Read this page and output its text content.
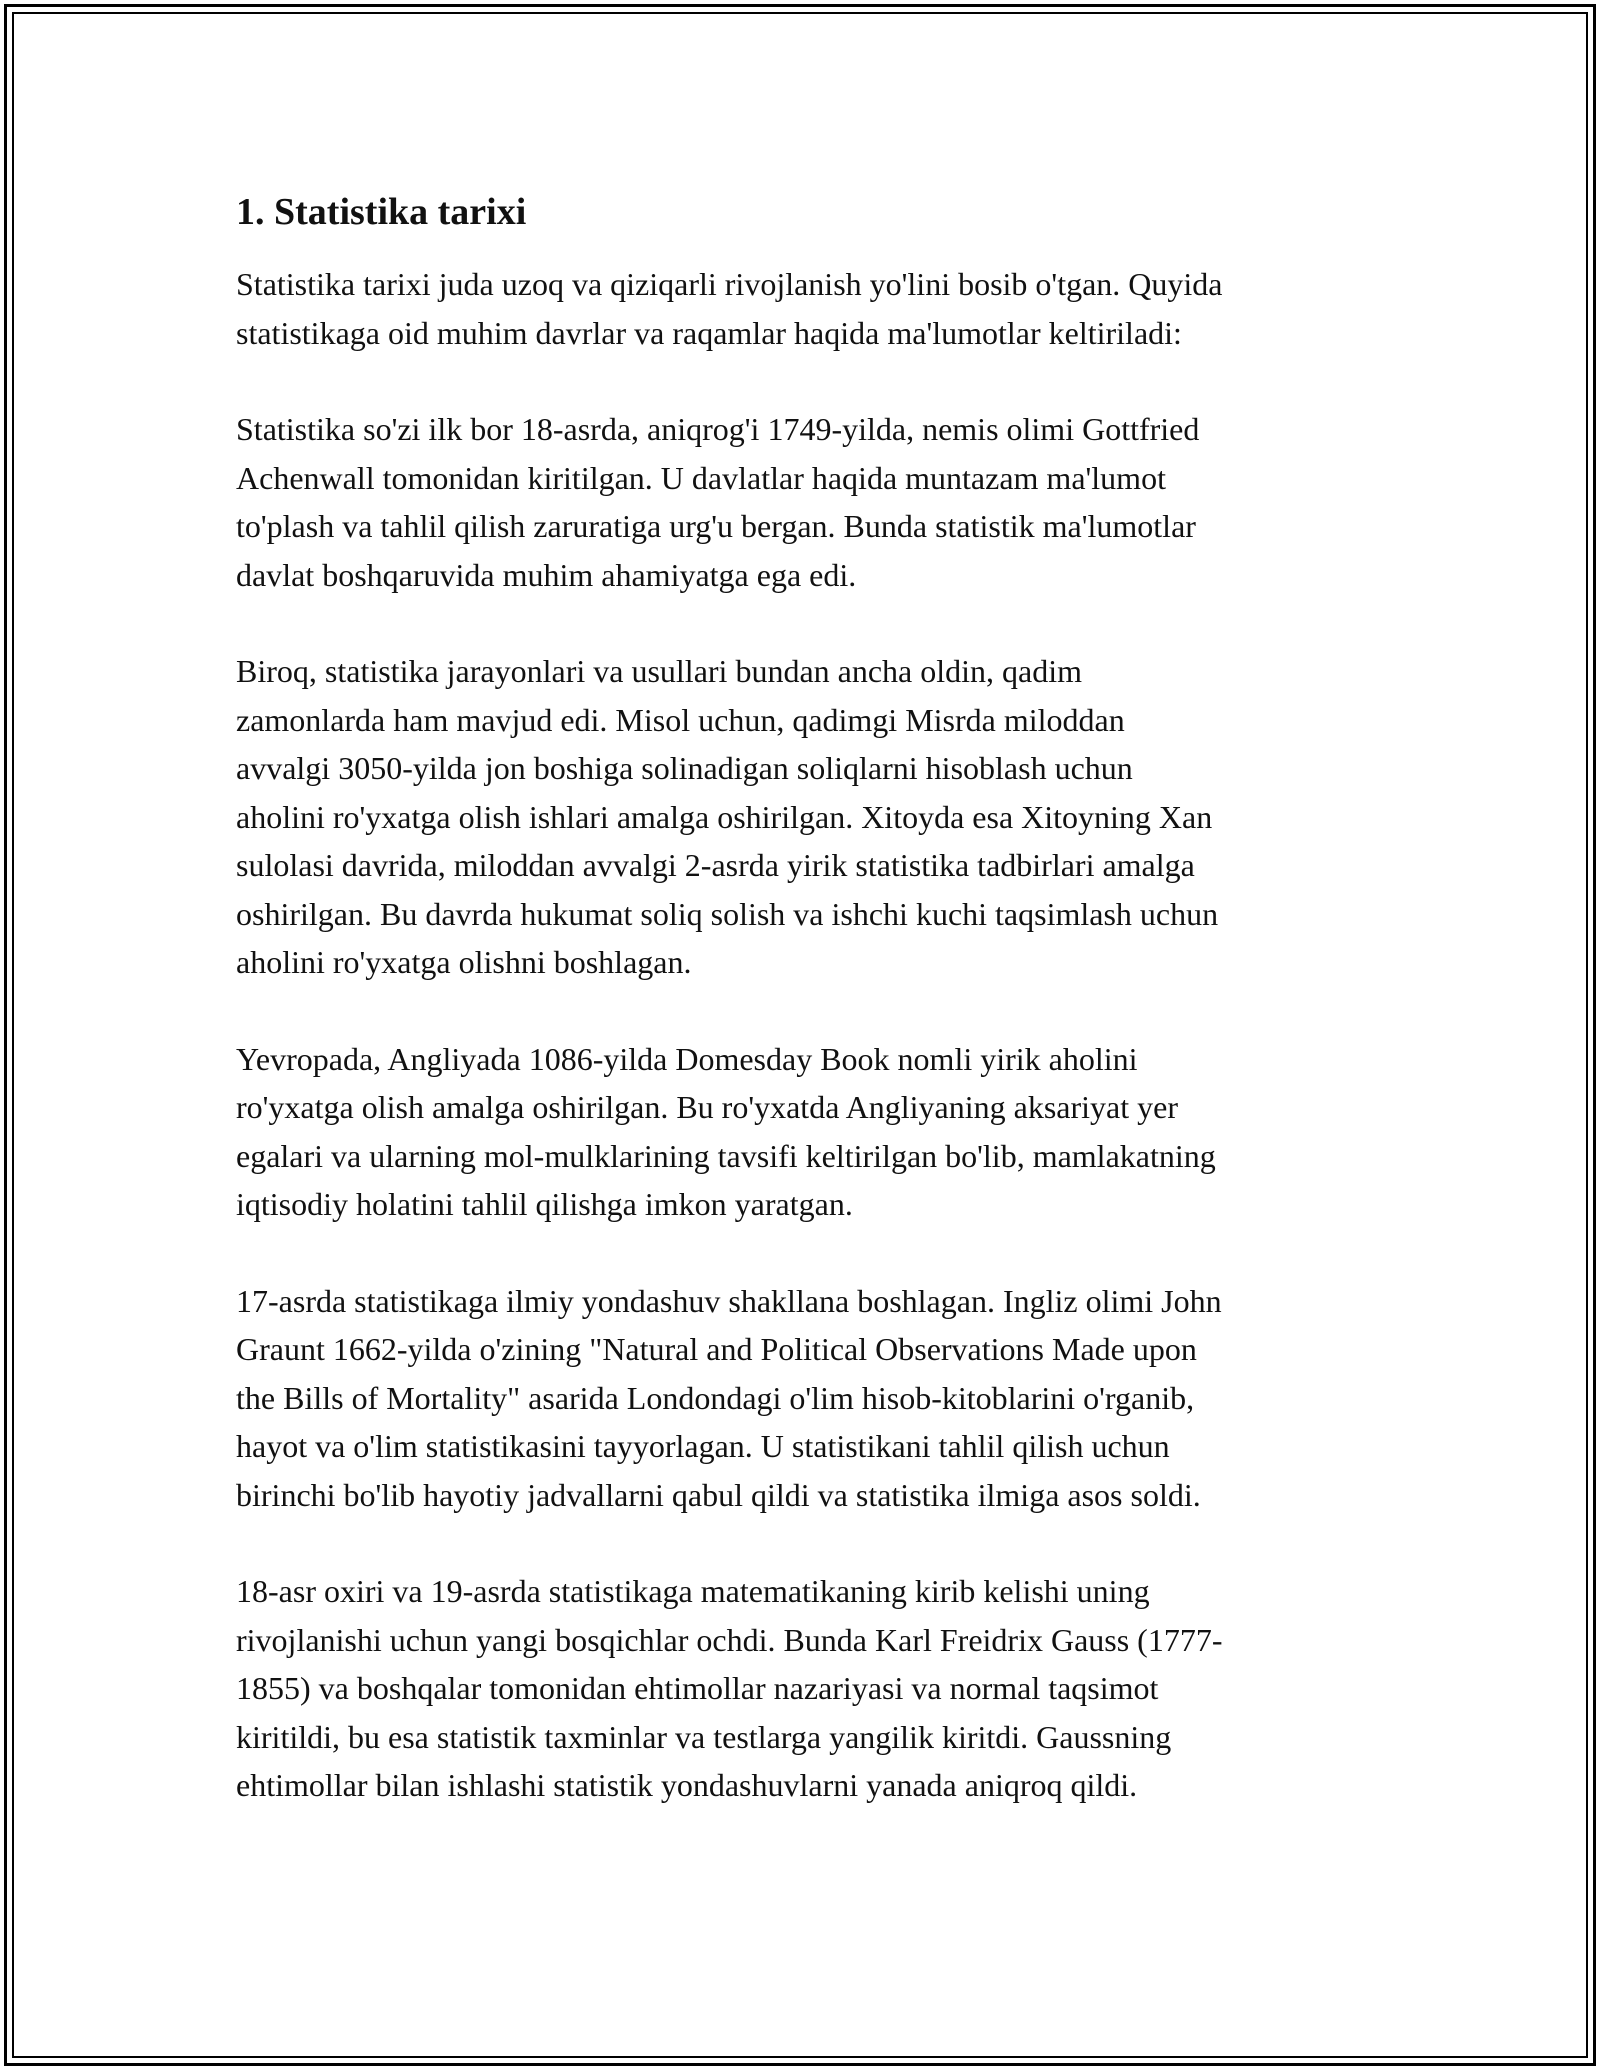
1. Statistika tarixi

Statistika tarixi juda uzoq va qiziqarli rivojlanish yo'lini bosib o'tgan. Quyida
statistikaga oid muhim davrlar va raqamlar haqida ma'lumotlar keltiriladi:

Statistika so'zi ilk bor 18-asrda, aniqrog'i 1749-yilda, nemis olimi Gottfried
Achenwall tomonidan kiritilgan. U davlatlar haqida muntazam ma'lumot
to'plash va tahlil qilish zaruratiga urg'u bergan. Bunda statistik ma'lumotlar
davlat boshqaruvida muhim ahamiyatga ega edi.

Biroq, statistika jarayonlari va usullari bundan ancha oldin, qadim
zamonlarda ham mavjud edi. Misol uchun, qadimgi Misrda miloddan
avvalgi 3050-yilda jon boshiga solinadigan soliqlarni hisoblash uchun
aholini ro'yxatga olish ishlari amalga oshirilgan. Xitoyda esa Xitoyning Xan
sulolasi davrida, miloddan avvalgi 2-asrda yirik statistika tadbirlari amalga
oshirilgan. Bu davrda hukumat soliq solish va ishchi kuchi taqsimlash uchun
aholini ro'yxatga olishni boshlagan.

Yevropada, Angliyada 1086-yilda Domesday Book nomli yirik aholini
ro'yxatga olish amalga oshirilgan. Bu ro'yxatda Angliyaning aksariyat yer
egalari va ularning mol-mulklarining tavsifi keltirilgan bo'lib, mamlakatning
iqtisodiy holatini tahlil qilishga imkon yaratgan.

17-asrda statistikaga ilmiy yondashuv shakllana boshlagan. Ingliz olimi John
Graunt 1662-yilda o'zining "Natural and Political Observations Made upon
the Bills of Mortality" asarida Londondagi o'lim hisob-kitoblarini o'rganib,
hayot va o'lim statistikasini tayyorlagan. U statistikani tahlil qilish uchun
birinchi bo'lib hayotiy jadvallarni qabul qildi va statistika ilmiga asos soldi.

18-asr oxiri va 19-asrda statistikaga matematikaning kirib kelishi uning
rivojlanishi uchun yangi bosqichlar ochdi. Bunda Karl Freidrix Gauss (1777-
1855) va boshqalar tomonidan ehtimollar nazariyasi va normal taqsimot
kiritildi, bu esa statistik taxminlar va testlarga yangilik kiritdi. Gaussning
ehtimollar bilan ishlashi statistik yondashuvlarni yanada aniqroq qildi.
